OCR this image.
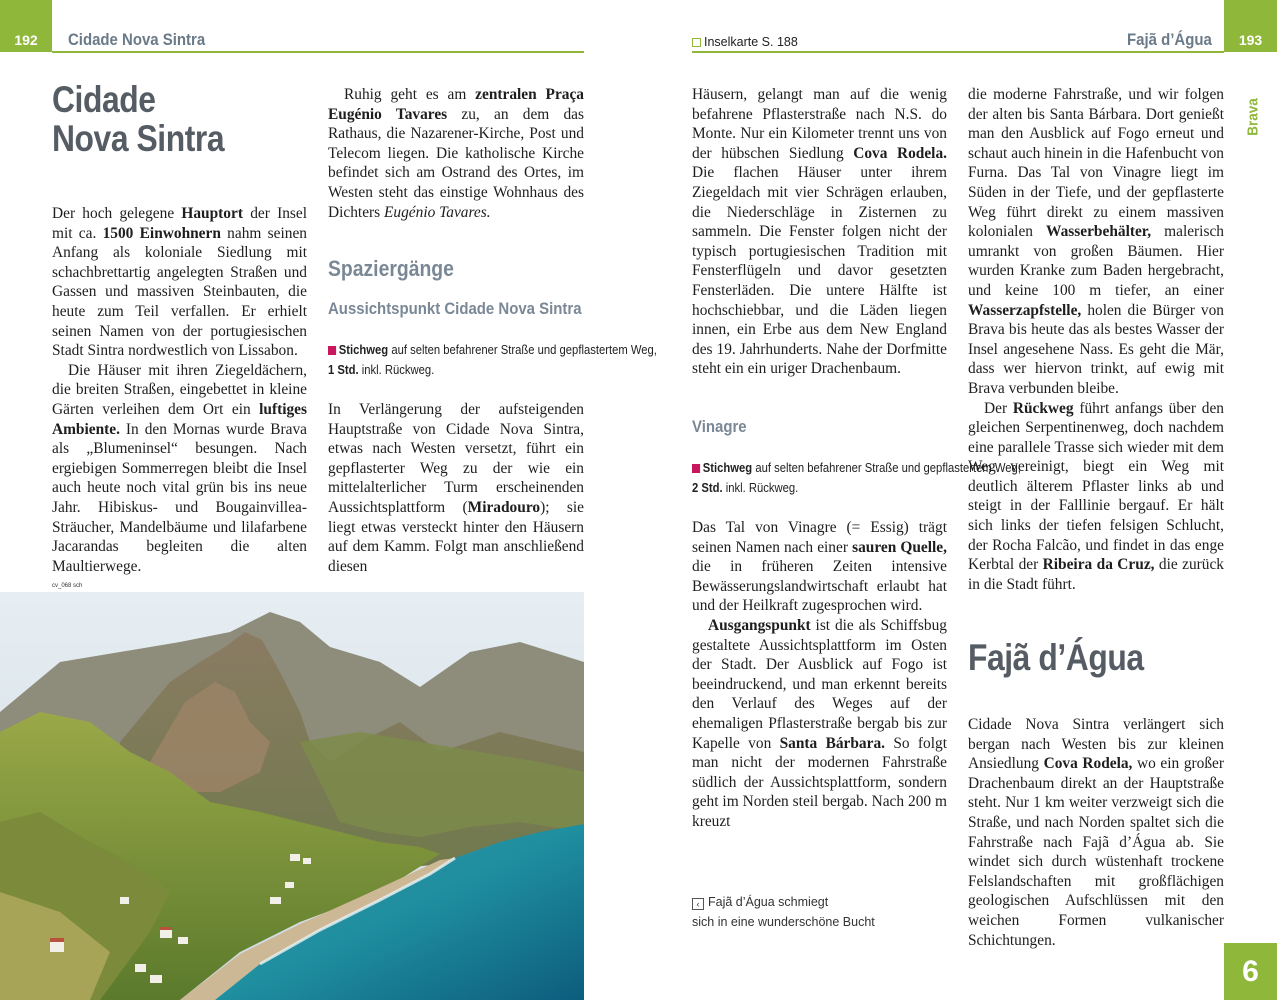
192 Cidade Nova Sintra
Cidade
Nova Sintra

Der hoch gelegene Hauptort der Insel mit ca. 1500 Einwohnern nahm seinen Anfang als koloniale Siedlung mit schachbrettartig angelegten Straßen und Gassen und massiven Steinbauten, die heute zum Teil verfallen. Er erhielt seinen Namen von der portugiesischen Stadt Sintra nordwestlich von Lissabon.

Die Häuser mit ihren Ziegeldächern, die breiten Straßen, eingebettet in kleine Gärten verleihen dem Ort ein luftiges Ambiente. In den Mornas wurde Brava als „Blumeninsel“ besungen. Nach ergiebigen Sommerregen bleibt die Insel auch heute noch vital grün bis ins neue Jahr. Hibiskus- und Bougainvillea-Sträucher, Mandelbäume und lilafarbene Jacarandas begleiten die alten Maultierwege.

Ruhig geht es am zentralen Praça Eugénio Tavares zu, an dem das Rathaus, die Nazarener-Kirche, Post und Telecom liegen. Die katholische Kirche befindet sich am Ostrand des Ortes, im Westen steht das einstige Wohnhaus des Dichters Eugénio Tavares.

Spaziergänge
Aussichtspunkt Cidade Nova Sintra
Stichweg auf selten befahrener Straße und gepflastertem Weg,
1 Std. inkl. Rückweg.

In Verlängerung der aufsteigenden Hauptstraße von Cidade Nova Sintra, etwas nach Westen versetzt, führt ein gepflasterter Weg zu der wie ein mittelalterlicher Turm erscheinenden Aussichtsplattform (Miradouro); sie liegt etwas versteckt hinter den Häusern auf dem Kamm. Folgt man anschließend diesen

cv_068 sch
Inselkarte S. 188	Fajã d’Água 193
Brava

Häusern, gelangt man auf die wenig befahrene Pflasterstraße nach N.S. do Monte. Nur ein Kilometer trennt uns von der hübschen Siedlung Cova Rodela. Die flachen Häuser unter ihrem Ziegeldach mit vier Schrägen erlauben, die Niederschläge in Zisternen zu sammeln. Die Fenster folgen nicht der typisch portugiesischen Tradition mit Fensterflügeln und davor gesetzten Fensterläden. Die untere Hälfte ist hochschiebbar, und die Läden liegen innen, ein Erbe aus dem New England des 19. Jahrhunderts. Nahe der Dorfmitte steht ein ein uriger Drachenbaum.

Vinagre
Stichweg auf selten befahrener Straße und gepflastertem Weg,
2 Std. inkl. Rückweg.

Das Tal von Vinagre (= Essig) trägt seinen Namen nach einer sauren Quelle, die in früheren Zeiten intensive Bewässerungslandwirtschaft erlaubt hat und der Heilkraft zugesprochen wird.

Ausgangspunkt ist die als Schiffsbug gestaltete Aussichtsplattform im Osten der Stadt. Der Ausblick auf Fogo ist beeindruckend, und man erkennt bereits den Verlauf des Weges auf der ehemaligen Pflasterstraße bergab bis zur Kapelle von Santa Bárbara. So folgt man nicht der modernen Fahrstraße südlich der Aussichtsplattform, sondern geht im Norden steil bergab. Nach 200 m kreuzt

‹ Fajã d’Água schmiegt
sich in eine wunderschöne Bucht

die moderne Fahrstraße, und wir folgen der alten bis Santa Bárbara. Dort genießt man den Ausblick auf Fogo erneut und schaut auch hinein in die Hafenbucht von Furna. Das Tal von Vinagre liegt im Süden in der Tiefe, und der gepflasterte Weg führt direkt zu einem massiven kolonialen Wasserbehälter, malerisch umrankt von großen Bäumen. Hier wurden Kranke zum Baden hergebracht, und keine 100 m tiefer, an einer Wasserzapfstelle, holen die Bürger von Brava bis heute das als bestes Wasser der Insel angesehene Nass. Es geht die Mär, dass wer hiervon trinkt, auf ewig mit Brava verbunden bleibe.

Der Rückweg führt anfangs über den gleichen Serpentinenweg, doch nachdem eine parallele Trasse sich wieder mit dem Weg vereinigt, biegt ein Weg mit deutlich älterem Pflaster links ab und steigt in der Falllinie bergauf. Er hält sich links der tiefen felsigen Schlucht, der Rocha Falcão, und findet in das enge Kerbtal der Ribeira da Cruz, die zurück in die Stadt führt.

Fajã d’Água

Cidade Nova Sintra verlängert sich bergan nach Westen bis zur kleinen Ansiedlung Cova Rodela, wo ein großer Drachenbaum direkt an der Hauptstraße steht. Nur 1 km weiter verzweigt sich die Straße, und nach Norden spaltet sich die Fahrstraße nach Fajã d’Água ab. Sie windet sich durch wüstenhaft trockene Felslandschaften mit großflächigen geologischen Aufschlüssen mit den weichen Formen vulkanischer Schichtungen.

6
